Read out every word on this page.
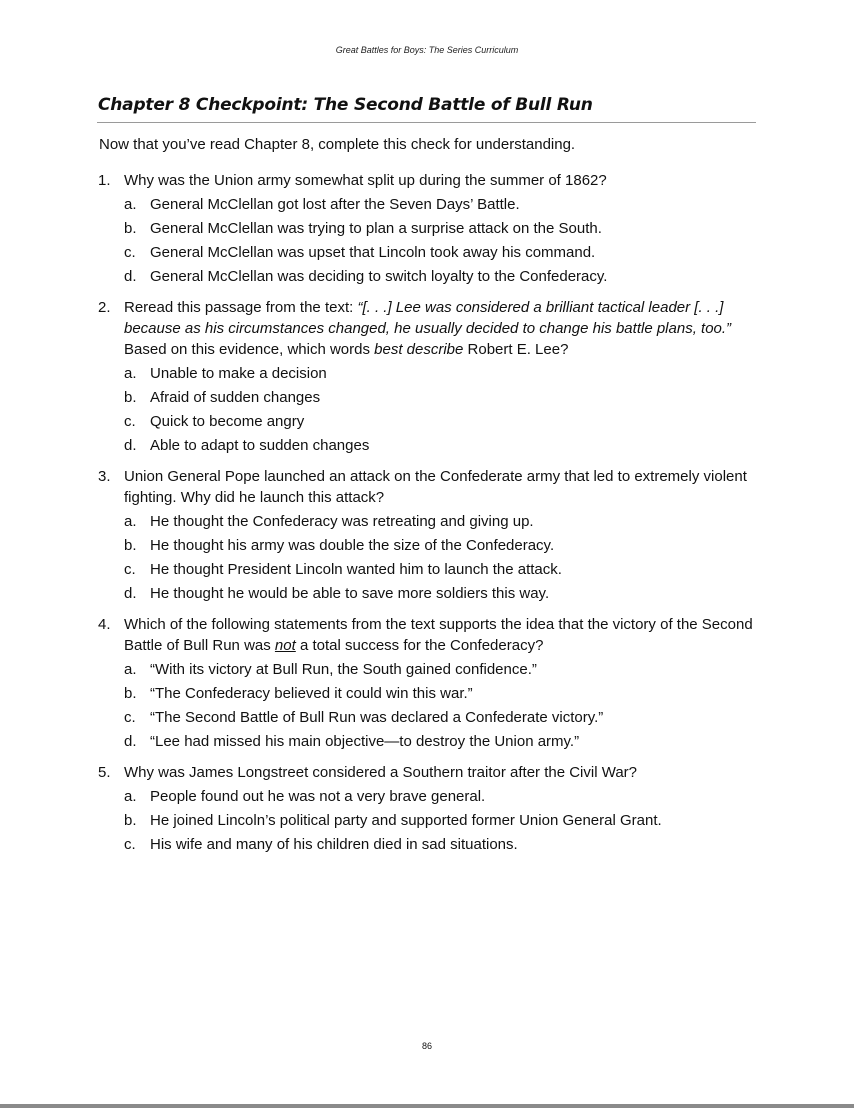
Great Battles for Boys: The Series Curriculum
Chapter 8 Checkpoint: The Second Battle of Bull Run

Now that you’ve read Chapter 8, complete this check for understanding.

1. Why was the Union army somewhat split up during the summer of 1862?
a. General McClellan got lost after the Seven Days’ Battle.
b. General McClellan was trying to plan a surprise attack on the South.
c. General McClellan was upset that Lincoln took away his command.
d. General McClellan was deciding to switch loyalty to the Confederacy.
2. Reread this passage from the text: “[. . .] Lee was considered a brilliant tactical leader [. . .] because as his circumstances changed, he usually decided to change his battle plans, too.” Based on this evidence, which words best describe Robert E. Lee?
a. Unable to make a decision
b. Afraid of sudden changes
c. Quick to become angry
d. Able to adapt to sudden changes
3. Union General Pope launched an attack on the Confederate army that led to extremely violent fighting. Why did he launch this attack?
a. He thought the Confederacy was retreating and giving up.
b. He thought his army was double the size of the Confederacy.
c. He thought President Lincoln wanted him to launch the attack.
d. He thought he would be able to save more soldiers this way.
4. Which of the following statements from the text supports the idea that the victory of the Second Battle of Bull Run was not a total success for the Confederacy?
a. “With its victory at Bull Run, the South gained confidence.”
b. “The Confederacy believed it could win this war.”
c. “The Second Battle of Bull Run was declared a Confederate victory.”
d. “Lee had missed his main objective—to destroy the Union army.”
5. Why was James Longstreet considered a Southern traitor after the Civil War?
a. People found out he was not a very brave general.
b. He joined Lincoln’s political party and supported former Union General Grant.
c. His wife and many of his children died in sad situations.
86
